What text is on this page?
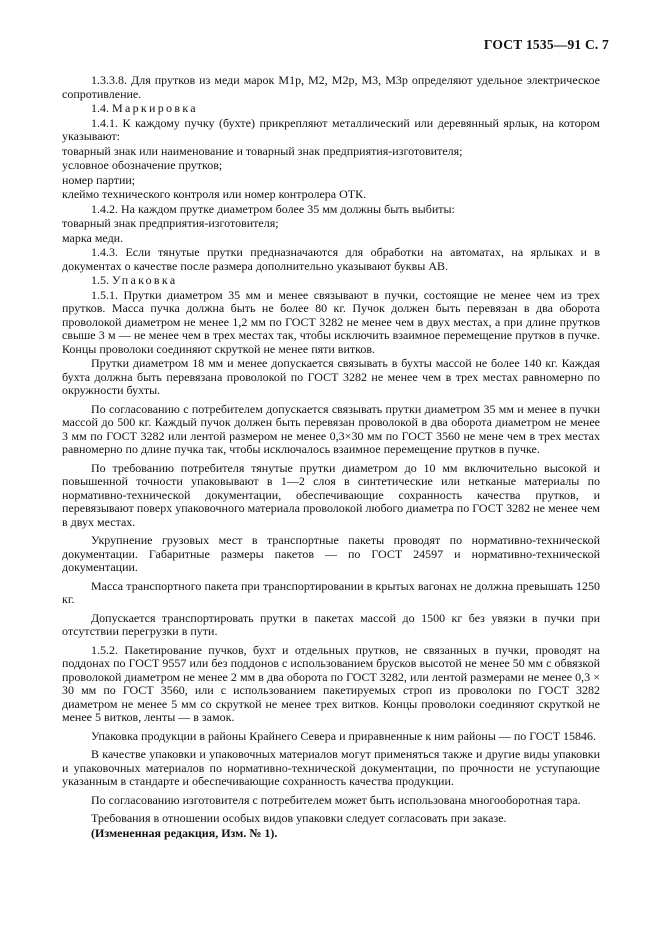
ГОСТ 1535—91 С. 7

1.3.3.8. Для прутков из меди марок М1р, М2, М2р, М3, М3р определяют удельное электрическое сопротивление.

1.4. Маркировка

1.4.1. К каждому пучку (бухте) прикрепляют металлический или деревянный ярлык, на котором указывают:

товарный знак или наименование и товарный знак предприятия-изготовителя;

условное обозначение прутков;

номер партии;

клеймо технического контроля или номер контролера ОТК.

1.4.2. На каждом прутке диаметром более 35 мм должны быть выбиты:

товарный знак предприятия-изготовителя;

марка меди.

1.4.3. Если тянутые прутки предназначаются для обработки на автоматах, на ярлыках и в документах о качестве после размера дополнительно указывают буквы АВ.

1.5. Упаковка

1.5.1. Прутки диаметром 35 мм и менее связывают в пучки, состоящие не менее чем из трех прутков. Масса пучка должна быть не более 80 кг. Пучок должен быть перевязан в два оборота проволокой диаметром не менее 1,2 мм по ГОСТ 3282 не менее чем в двух местах, а при длине прутков свыше 3 м — не менее чем в трех местах так, чтобы исключить взаимное перемещение прутков в пучке. Концы проволоки соединяют скруткой не менее пяти витков.

Прутки диаметром 18 мм и менее допускается связывать в бухты массой не более 140 кг. Каждая бухта должна быть перевязана проволокой по ГОСТ 3282 не менее чем в трех местах равномерно по окружности бухты.

По согласованию с потребителем допускается связывать прутки диаметром 35 мм и менее в пучки массой до 500 кг. Каждый пучок должен быть перевязан проволокой в два оборота диаметром не менее 3 мм по ГОСТ 3282 или лентой размером не менее 0,3×30 мм по ГОСТ 3560 не мене чем в трех местах равномерно по длине пучка так, чтобы исключалось взаимное перемещение прутков в пучке.

По требованию потребителя тянутые прутки диаметром до 10 мм включительно высокой и повышенной точности упаковывают в 1—2 слоя в синтетические или нетканые материалы по нормативно-технической документации, обеспечивающие сохранность качества прутков, и перевязывают поверх упаковочного материала проволокой любого диаметра по ГОСТ 3282 не менее чем в двух местах.

Укрупнение грузовых мест в транспортные пакеты проводят по нормативно-технической документации. Габаритные размеры пакетов — по ГОСТ 24597 и нормативно-технической документации.

Масса транспортного пакета при транспортировании в крытых вагонах не должна превышать 1250 кг.

Допускается транспортировать прутки в пакетах массой до 1500 кг без увязки в пучки при отсутствии перегрузки в пути.

1.5.2. Пакетирование пучков, бухт и отдельных прутков, не связанных в пучки, проводят на поддонах по ГОСТ 9557 или без поддонов с использованием брусков высотой не менее 50 мм с обвязкой проволокой диаметром не менее 2 мм в два оборота по ГОСТ 3282, или лентой размерами не менее 0,3 × 30 мм по ГОСТ 3560, или с использованием пакетируемых строп из проволоки по ГОСТ 3282 диаметром не менее 5 мм со скруткой не менее трех витков. Концы проволоки соединяют скруткой не менее 5 витков, ленты — в замок.

Упаковка продукции в районы Крайнего Севера и приравненные к ним районы — по ГОСТ 15846.

В качестве упаковки и упаковочных материалов могут применяться также и другие виды упаковки и упаковочных материалов по нормативно-технической документации, по прочности не уступающие указанным в стандарте и обеспечивающие сохранность качества продукции.

По согласованию изготовителя с потребителем может быть использована многооборотная тара.

Требования в отношении особых видов упаковки следует согласовать при заказе.

(Измененная редакция, Изм. № 1).
